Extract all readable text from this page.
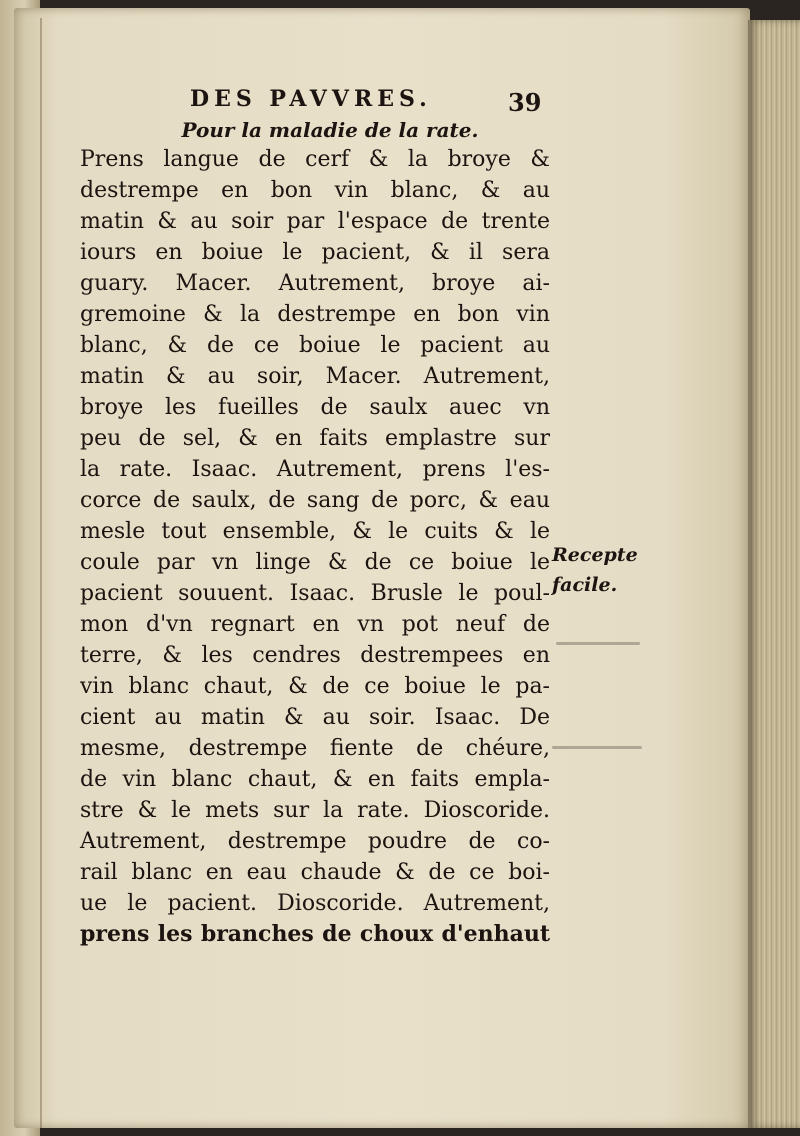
DES PAVVRES.	39
Pour la maladie de la rate.
Prens langue de cerf & la broye &
destrempe en bon vin blanc, & au
matin & au soir par l'espace de trente
iours en boiue le pacient, & il sera
guary. Macer. Autrement, broye ai-
gremoine & la destrempe en bon vin
blanc, & de ce boiue le pacient au
matin & au soir, Macer. Autrement,
broye les fueilles de saulx auec vn
peu de sel, & en faits emplastre sur
la rate. Isaac. Autrement, prens l'es-
corce de saulx, de sang de porc, & eau
mesle tout ensemble, & le cuits & le
coule par vn linge & de ce boiue le
pacient souuent. Isaac. Brusle le poul-
mon d'vn regnart en vn pot neuf de
terre, & les cendres destrempees en
vin blanc chaut, & de ce boiue le pa-
cient au matin & au soir. Isaac. De
mesme, destrempe fiente de chéure,
de vin blanc chaut, & en faits empla-
stre & le mets sur la rate. Dioscoride.
Autrement, destrempe poudre de co-
rail blanc en eau chaude & de ce boi-
ue le pacient. Dioscoride. Autrement,
prens les branches de choux d'enhaut
Recepte
facile.
